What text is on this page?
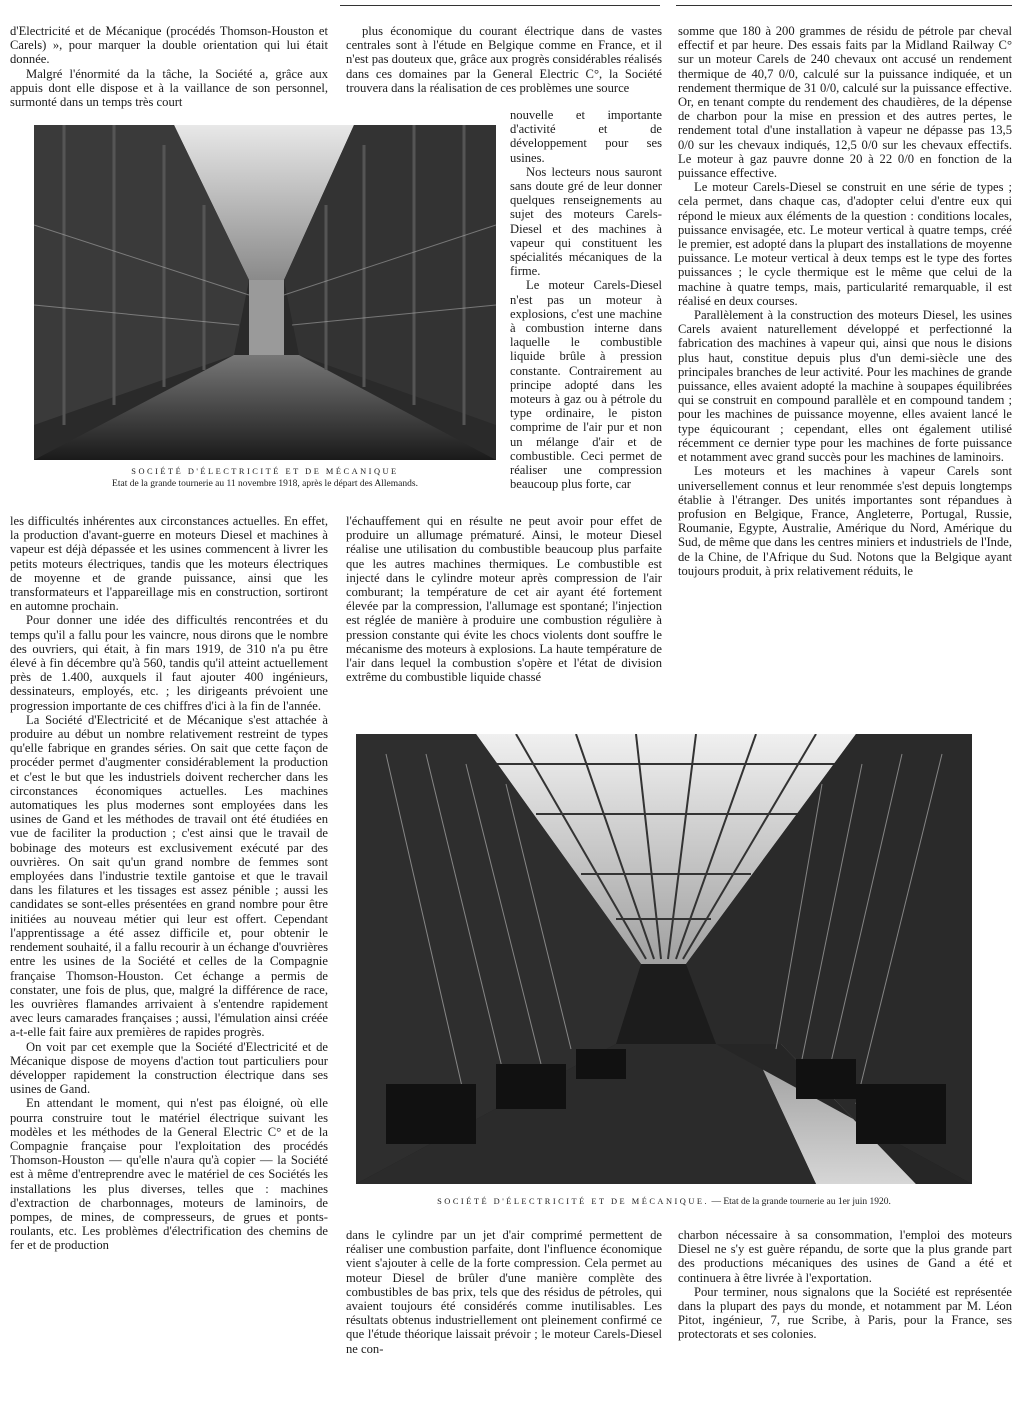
d'Electricité et de Mécanique (procédés Thomson-Houston et Carels) », pour marquer la double orientation qui lui était donnée.

Malgré l'énormité da la tâche, la Société a, grâce aux appuis dont elle dispose et à la vaillance de son personnel, surmonté dans un temps très court

plus économique du courant électrique dans de vastes centrales sont à l'étude en Belgique comme en France, et il n'est pas douteux que, grâce aux progrès considérables réalisés dans ces domaines par la General Electric C°, la Société trouvera dans la réalisation de ces problèmes une source

nouvelle et importante d'activité et de développement pour ses usines.

Nos lecteurs nous sauront sans doute gré de leur donner quelques renseignements au sujet des moteurs Carels-Diesel et des machines à vapeur qui constituent les spécialités mécaniques de la firme.

Le moteur Carels-Diesel n'est pas un moteur à explosions, c'est une machine à combustion interne dans laquelle le combustible liquide brûle à pression constante. Contrairement au principe adopté dans les moteurs à gaz ou à pétrole du type ordinaire, le piston comprime de l'air pur et non un mélange d'air et de combustible. Ceci permet de réaliser une compression beaucoup plus forte, car

SOCIÉTÉ D'ÉLECTRICITÉ ET DE MÉCANIQUE
Etat de la grande tournerie au 11 novembre 1918, après le départ des Allemands.

l'échauffement qui en résulte ne peut avoir pour effet de produire un allumage prématuré. Ainsi, le moteur Diesel réalise une utilisation du combustible beaucoup plus parfaite que les autres machines thermiques. Le combustible est injecté dans le cylindre moteur après compression de l'air comburant; la température de cet air ayant été fortement élevée par la compression, l'allumage est spontané; l'injection est réglée de manière à produire une combustion régulière à pression constante qui évite les chocs violents dont souffre le mécanisme des moteurs à explosions. La haute température de l'air dans lequel la combustion s'opère et l'état de division extrême du combustible liquide chassé

somme que 180 à 200 grammes de résidu de pétrole par cheval effectif et par heure. Des essais faits par la Midland Railway C° sur un moteur Carels de 240 chevaux ont accusé un rendement thermique de 40,7 0/0, calculé sur la puissance indiquée, et un rendement thermique de 31 0/0, calculé sur la puissance effective. Or, en tenant compte du rendement des chaudières, de la dépense de charbon pour la mise en pression et des autres pertes, le rendement total d'une installation à vapeur ne dépasse pas 13,5 0/0 sur les chevaux indiqués, 12,5 0/0 sur les chevaux effectifs. Le moteur à gaz pauvre donne 20 à 22 0/0 en fonction de la puissance effective.

Le moteur Carels-Diesel se construit en une série de types ; cela permet, dans chaque cas, d'adopter celui d'entre eux qui répond le mieux aux éléments de la question : conditions locales, puissance envisagée, etc. Le moteur vertical à quatre temps, créé le premier, est adopté dans la plupart des installations de moyenne puissance. Le moteur vertical à deux temps est le type des fortes puissances ; le cycle thermique est le même que celui de la machine à quatre temps, mais, particularité remarquable, il est réalisé en deux courses.

Parallèlement à la construction des moteurs Diesel, les usines Carels avaient naturellement développé et perfectionné la fabrication des machines à vapeur qui, ainsi que nous le disions plus haut, constitue depuis plus d'un demi-siècle une des principales branches de leur activité. Pour les machines de grande puissance, elles avaient adopté la machine à soupapes équilibrées qui se construit en compound parallèle et en compound tandem ; pour les machines de puissance moyenne, elles avaient lancé le type équicourant ; cependant, elles ont également utilisé récemment ce dernier type pour les machines de forte puissance et notamment avec grand succès pour les machines de laminoirs.

Les moteurs et les machines à vapeur Carels sont universellement connus et leur renommée s'est depuis longtemps établie à l'étranger. Des unités importantes sont répandues à profusion en Belgique, France, Angleterre, Portugal, Russie, Roumanie, Egypte, Australie, Amérique du Nord, Amérique du Sud, de même que dans les centres miniers et industriels de l'Inde, de la Chine, de l'Afrique du Sud. Notons que la Belgique ayant toujours produit, à prix relativement réduits, le

les difficultés inhérentes aux circonstances actuelles. En effet, la production d'avant-guerre en moteurs Diesel et machines à vapeur est déjà dépassée et les usines commencent à livrer les petits moteurs électriques, tandis que les moteurs électriques de moyenne et de grande puissance, ainsi que les transformateurs et l'appareillage mis en construction, sortiront en automne prochain.

Pour donner une idée des difficultés rencontrées et du temps qu'il a fallu pour les vaincre, nous dirons que le nombre des ouvriers, qui était, à fin mars 1919, de 310 n'a pu être élevé à fin décembre qu'à 560, tandis qu'il atteint actuellement près de 1.400, auxquels il faut ajouter 400 ingénieurs, dessinateurs, employés, etc. ; les dirigeants prévoient une progression importante de ces chiffres d'ici à la fin de l'année.

La Société d'Electricité et de Mécanique s'est attachée à produire au début un nombre relativement restreint de types qu'elle fabrique en grandes séries. On sait que cette façon de procéder permet d'augmenter considérablement la production et c'est le but que les industriels doivent rechercher dans les circonstances économiques actuelles. Les machines automatiques les plus modernes sont employées dans les usines de Gand et les méthodes de travail ont été étudiées en vue de faciliter la production ; c'est ainsi que le travail de bobinage des moteurs est exclusivement exécuté par des ouvrières. On sait qu'un grand nombre de femmes sont employées dans l'industrie textile gantoise et que le travail dans les filatures et les tissages est assez pénible ; aussi les candidates se sont-elles présentées en grand nombre pour être initiées au nouveau métier qui leur est offert. Cependant l'apprentissage a été assez difficile et, pour obtenir le rendement souhaité, il a fallu recourir à un échange d'ouvrières entre les usines de la Société et celles de la Compagnie française Thomson-Houston. Cet échange a permis de constater, une fois de plus, que, malgré la différence de race, les ouvrières flamandes arrivaient à s'entendre rapidement avec leurs camarades françaises ; aussi, l'émulation ainsi créée a-t-elle fait faire aux premières de rapides progrès.

On voit par cet exemple que la Société d'Electricité et de Mécanique dispose de moyens d'action tout particuliers pour développer rapidement la construction électrique dans ses usines de Gand.

En attendant le moment, qui n'est pas éloigné, où elle pourra construire tout le matériel électrique suivant les modèles et les méthodes de la General Electric C° et de la Compagnie française pour l'exploitation des procédés Thomson-Houston — qu'elle n'aura qu'à copier — la Société est à même d'entreprendre avec le matériel de ces Sociétés les installations les plus diverses, telles que : machines d'extraction de charbonnages, moteurs de laminoirs, de pompes, de mines, de compresseurs, de grues et ponts-roulants, etc. Les problèmes d'électrification des chemins de fer et de production

SOCIÉTÉ D'ÉLECTRICITÉ ET DE MÉCANIQUE. — Etat de la grande tournerie au 1er juin 1920.

dans le cylindre par un jet d'air comprimé permettent de réaliser une combustion parfaite, dont l'influence économique vient s'ajouter à celle de la forte compression. Cela permet au moteur Diesel de brûler d'une manière complète des combustibles de bas prix, tels que des résidus de pétroles, qui avaient toujours été considérés comme inutilisables. Les résultats obtenus industriellement ont pleinement confirmé ce que l'étude théorique laissait prévoir ; le moteur Carels-Diesel ne con-

charbon nécessaire à sa consommation, l'emploi des moteurs Diesel ne s'y est guère répandu, de sorte que la plus grande part des productions mécaniques des usines de Gand a été et continuera à être livrée à l'exportation.

Pour terminer, nous signalons que la Société est représentée dans la plupart des pays du monde, et notamment par M. Léon Pitot, ingénieur, 7, rue Scribe, à Paris, pour la France, ses protectorats et ses colonies.
